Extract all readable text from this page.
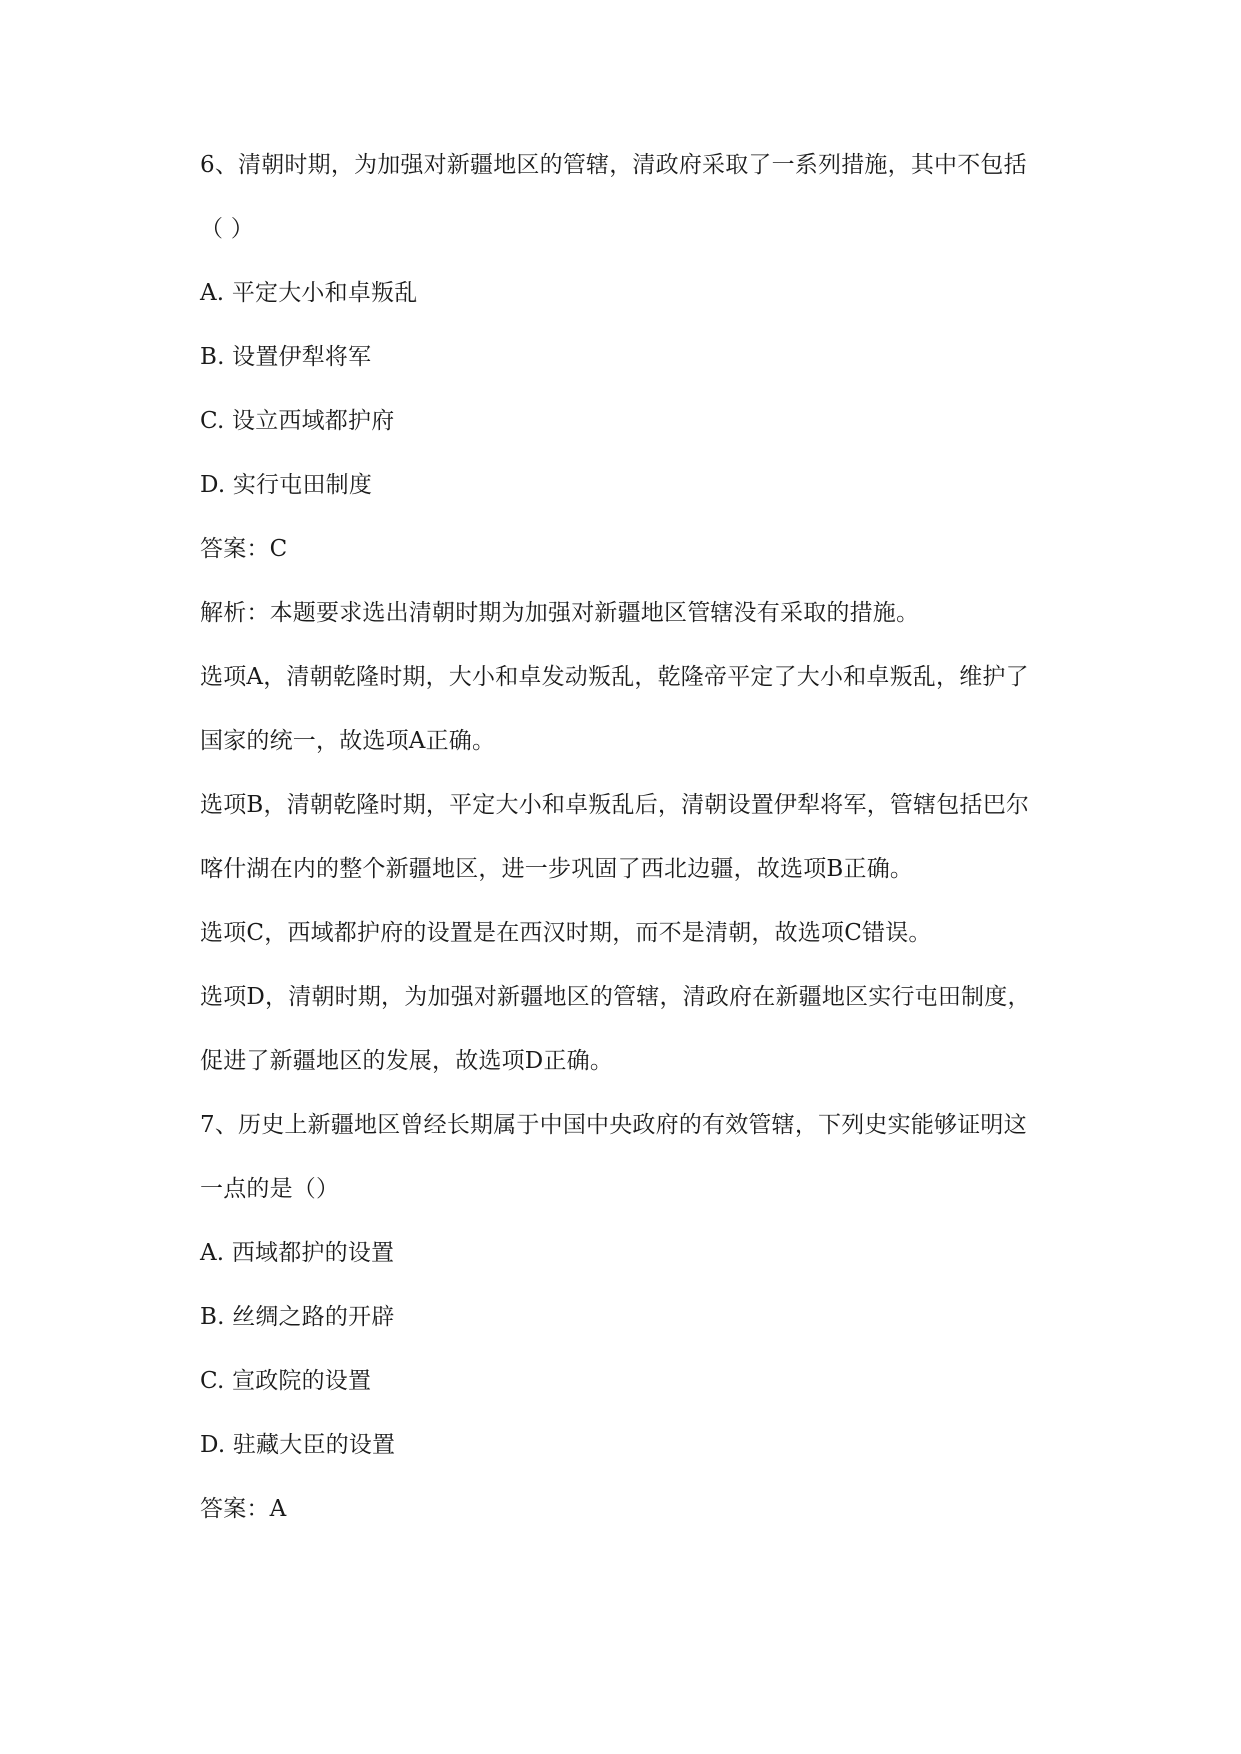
6、清朝时期，为加强对新疆地区的管辖，清政府采取了一系列措施，其中不包括
（ ）
A. 平定大小和卓叛乱
B. 设置伊犁将军
C. 设立西域都护府
D. 实行屯田制度
答案：C
解析：本题要求选出清朝时期为加强对新疆地区管辖没有采取的措施。
选项A，清朝乾隆时期，大小和卓发动叛乱，乾隆帝平定了大小和卓叛乱，维护了
国家的统一，故选项A正确。
选项B，清朝乾隆时期，平定大小和卓叛乱后，清朝设置伊犁将军，管辖包括巴尔
喀什湖在内的整个新疆地区，进一步巩固了西北边疆，故选项B正确。
选项C，西域都护府的设置是在西汉时期，而不是清朝，故选项C错误。
选项D，清朝时期，为加强对新疆地区的管辖，清政府在新疆地区实行屯田制度，
促进了新疆地区的发展，故选项D正确。
7、历史上新疆地区曾经长期属于中国中央政府的有效管辖，下列史实能够证明这
一点的是（）
A. 西域都护的设置
B. 丝绸之路的开辟
C. 宣政院的设置
D. 驻藏大臣的设置
答案：A
